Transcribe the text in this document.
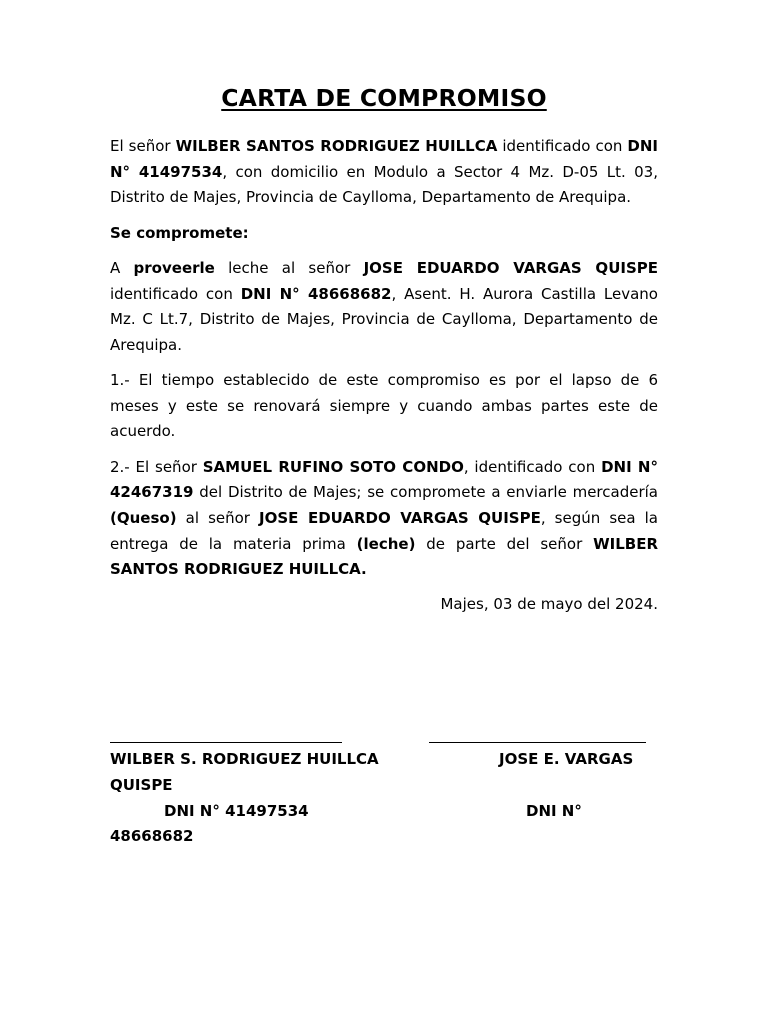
CARTA DE COMPROMISO

El señor WILBER SANTOS RODRIGUEZ HUILLCA identificado con DNI N° 41497534, con domicilio en Modulo a Sector 4 Mz. D-05 Lt. 03, Distrito de Majes, Provincia de Caylloma, Departamento de Arequipa.

Se compromete:

A proveerle leche al señor JOSE EDUARDO VARGAS QUISPE identificado con DNI N° 48668682, Asent. H. Aurora Castilla Levano Mz. C Lt.7, Distrito de Majes, Provincia de Caylloma, Departamento de Arequipa.

1.- El tiempo establecido de este compromiso es por el lapso de 6 meses y este se renovará siempre y cuando ambas partes este de acuerdo.

2.- El señor SAMUEL RUFINO SOTO CONDO, identificado con DNI N° 42467319 del Distrito de Majes; se compromete a enviarle mercadería (Queso) al señor JOSE EDUARDO VARGAS QUISPE, según sea la entrega de la materia prima (leche) de parte del señor WILBER SANTOS RODRIGUEZ HUILLCA.

Majes, 03 de mayo del 2024.

WILBER S. RODRIGUEZ HUILLCA	JOSE E. VARGAS
QUISPE
DNI N° 41497534	DNI N°
48668682
